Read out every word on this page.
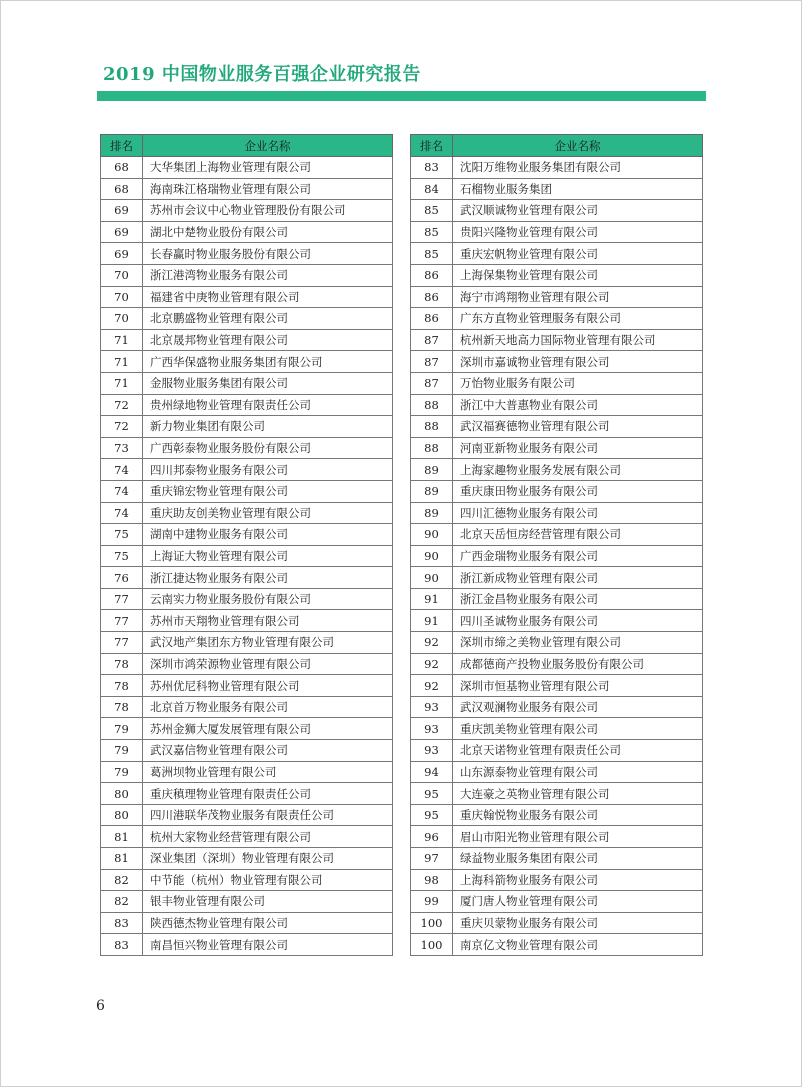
2019 中国物业服务百强企业研究报告
排名	企业名称
68	大华集团上海物业管理有限公司
68	海南珠江格瑞物业管理有限公司
69	苏州市会议中心物业管理股份有限公司
69	湖北中楚物业股份有限公司
69	长春赢时物业服务股份有限公司
70	浙江港湾物业服务有限公司
70	福建省中庚物业管理有限公司
70	北京鹏盛物业管理有限公司
71	北京晟邦物业管理有限公司
71	广西华保盛物业服务集团有限公司
71	金服物业服务集团有限公司
72	贵州绿地物业管理有限责任公司
72	新力物业集团有限公司
73	广西彰泰物业服务股份有限公司
74	四川邦泰物业服务有限公司
74	重庆锦宏物业管理有限公司
74	重庆助友创美物业管理有限公司
75	湖南中建物业服务有限公司
75	上海证大物业管理有限公司
76	浙江捷达物业服务有限公司
77	云南实力物业服务股份有限公司
77	苏州市天翔物业管理有限公司
77	武汉地产集团东方物业管理有限公司
78	深圳市鸿荣源物业管理有限公司
78	苏州优尼科物业管理有限公司
78	北京首万物业服务有限公司
79	苏州金狮大厦发展管理有限公司
79	武汉嘉信物业管理有限公司
79	葛洲坝物业管理有限公司
80	重庆稹理物业管理有限责任公司
80	四川港联华茂物业服务有限责任公司
81	杭州大家物业经营管理有限公司
81	深业集团（深圳）物业管理有限公司
82	中节能（杭州）物业管理有限公司
82	银丰物业管理有限公司
83	陕西德杰物业管理有限公司
83	南昌恒兴物业管理有限公司
排名	企业名称
83	沈阳万维物业服务集团有限公司
84	石榴物业服务集团
85	武汉顺诚物业管理有限公司
85	贵阳兴隆物业管理有限公司
85	重庆宏帆物业管理有限公司
86	上海保集物业管理有限公司
86	海宁市鸿翔物业管理有限公司
86	广东方直物业管理服务有限公司
87	杭州新天地高力国际物业管理有限公司
87	深圳市嘉诚物业管理有限公司
87	万怡物业服务有限公司
88	浙江中大普惠物业有限公司
88	武汉福赛德物业管理有限公司
88	河南亚新物业服务有限公司
89	上海家趣物业服务发展有限公司
89	重庆康田物业服务有限公司
89	四川汇德物业服务有限公司
90	北京天岳恒房经营管理有限公司
90	广西金瑞物业服务有限公司
90	浙江新成物业管理有限公司
91	浙江金昌物业服务有限公司
91	四川圣诚物业服务有限公司
92	深圳市缔之美物业管理有限公司
92	成都德商产投物业服务股份有限公司
92	深圳市恒基物业管理有限公司
93	武汉观澜物业服务有限公司
93	重庆凯美物业管理有限公司
93	北京天诺物业管理有限责任公司
94	山东源泰物业管理有限公司
95	大连豪之英物业管理有限公司
95	重庆翰悦物业服务有限公司
96	眉山市阳光物业管理有限公司
97	绿益物业服务集团有限公司
98	上海科箭物业服务有限公司
99	厦门唐人物业管理有限公司
100	重庆贝蒙物业服务有限公司
100	南京亿文物业管理有限公司
6
